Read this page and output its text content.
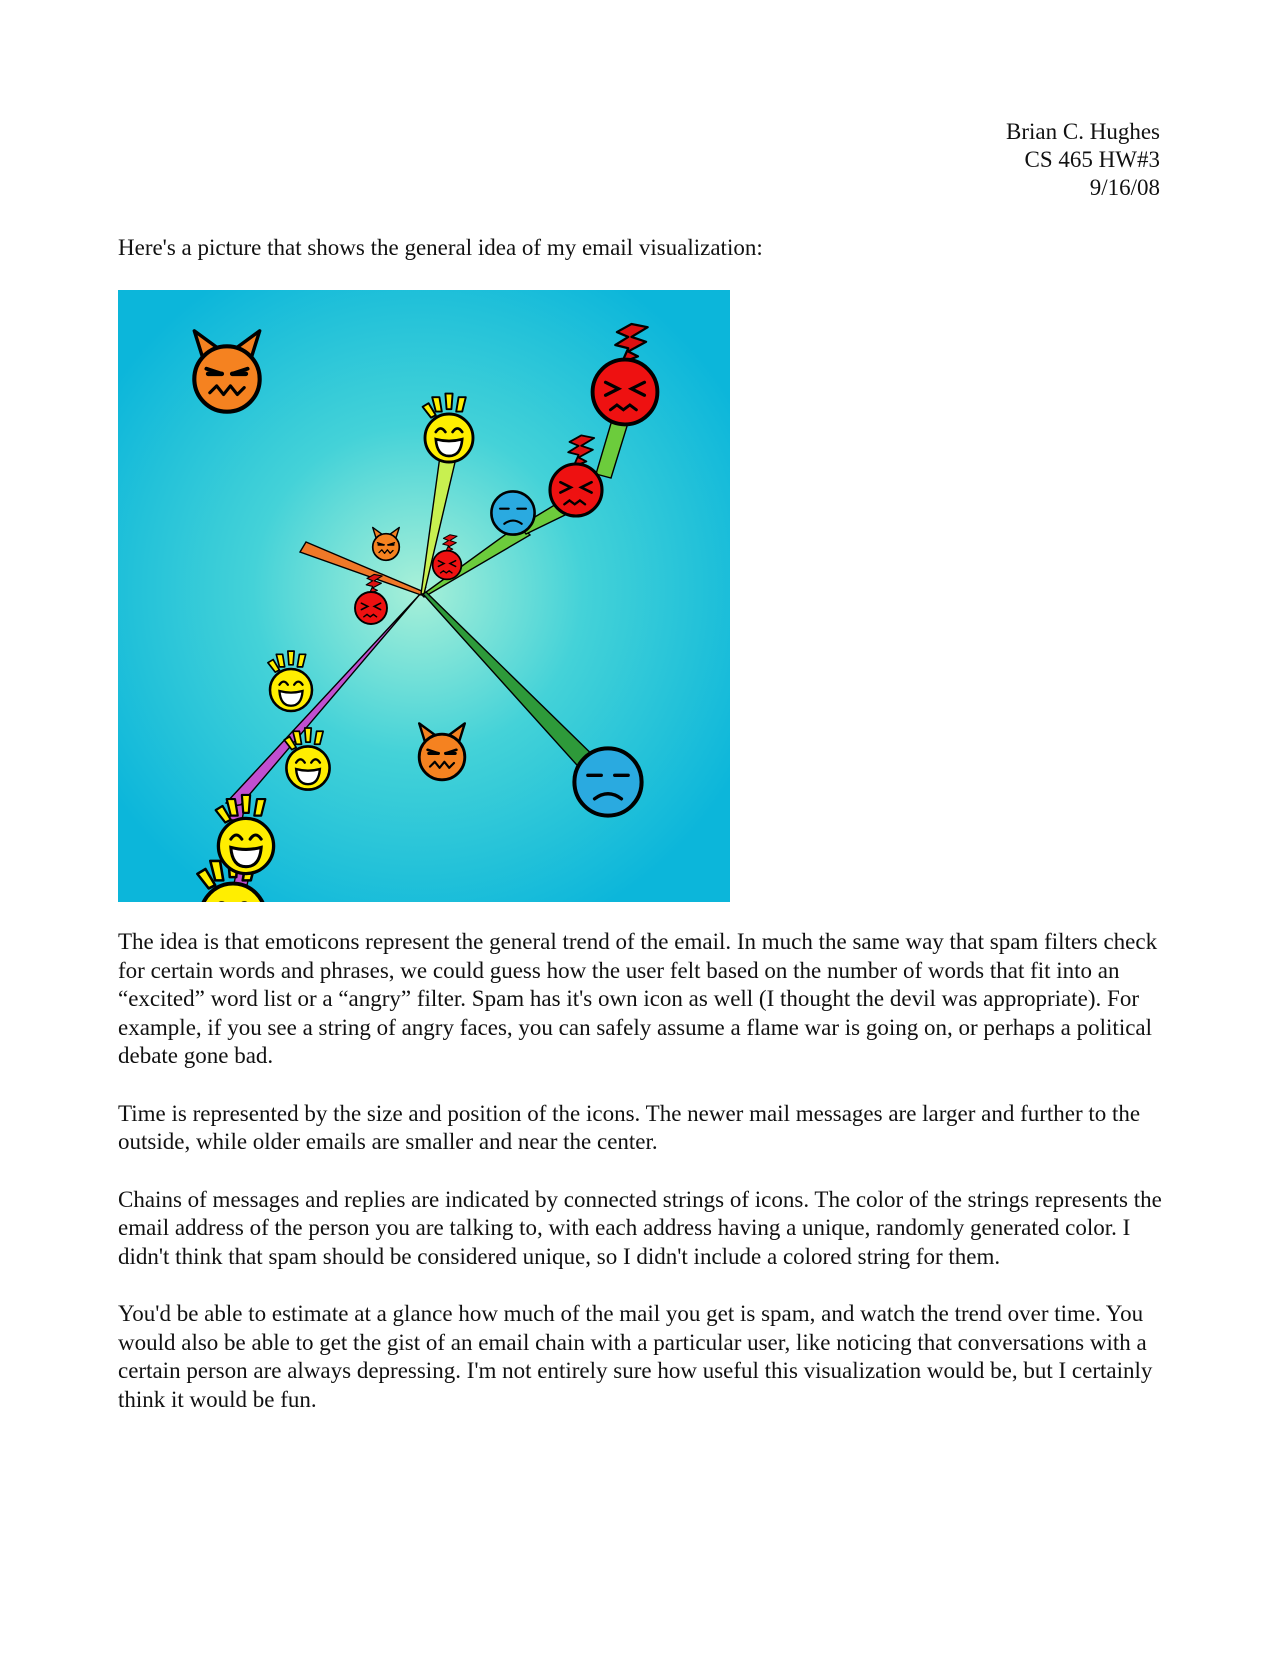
Brian C. Hughes
CS 465 HW#3
9/16/08
Here's a picture that shows the general idea of my email visualization:

The idea is that emoticons represent the general trend of the email. In much the same way that spam filters check for certain words and phrases, we could guess how the user felt based on the number of words that fit into an “excited” word list or a “angry” filter. Spam has it's own icon as well (I thought the devil was appropriate). For example, if you see a string of angry faces, you can safely assume a flame war is going on, or perhaps a political debate gone bad.

Time is represented by the size and position of the icons. The newer mail messages are larger and further to the outside, while older emails are smaller and near the center.

Chains of messages and replies are indicated by connected strings of icons. The color of the strings represents the email address of the person you are talking to, with each address having a unique, randomly generated color. I didn't think that spam should be considered unique, so I didn't include a colored string for them.

You'd be able to estimate at a glance how much of the mail you get is spam, and watch the trend over time. You would also be able to get the gist of an email chain with a particular user, like noticing that conversations with a certain person are always depressing. I'm not entirely sure how useful this visualization would be, but I certainly think it would be fun.
